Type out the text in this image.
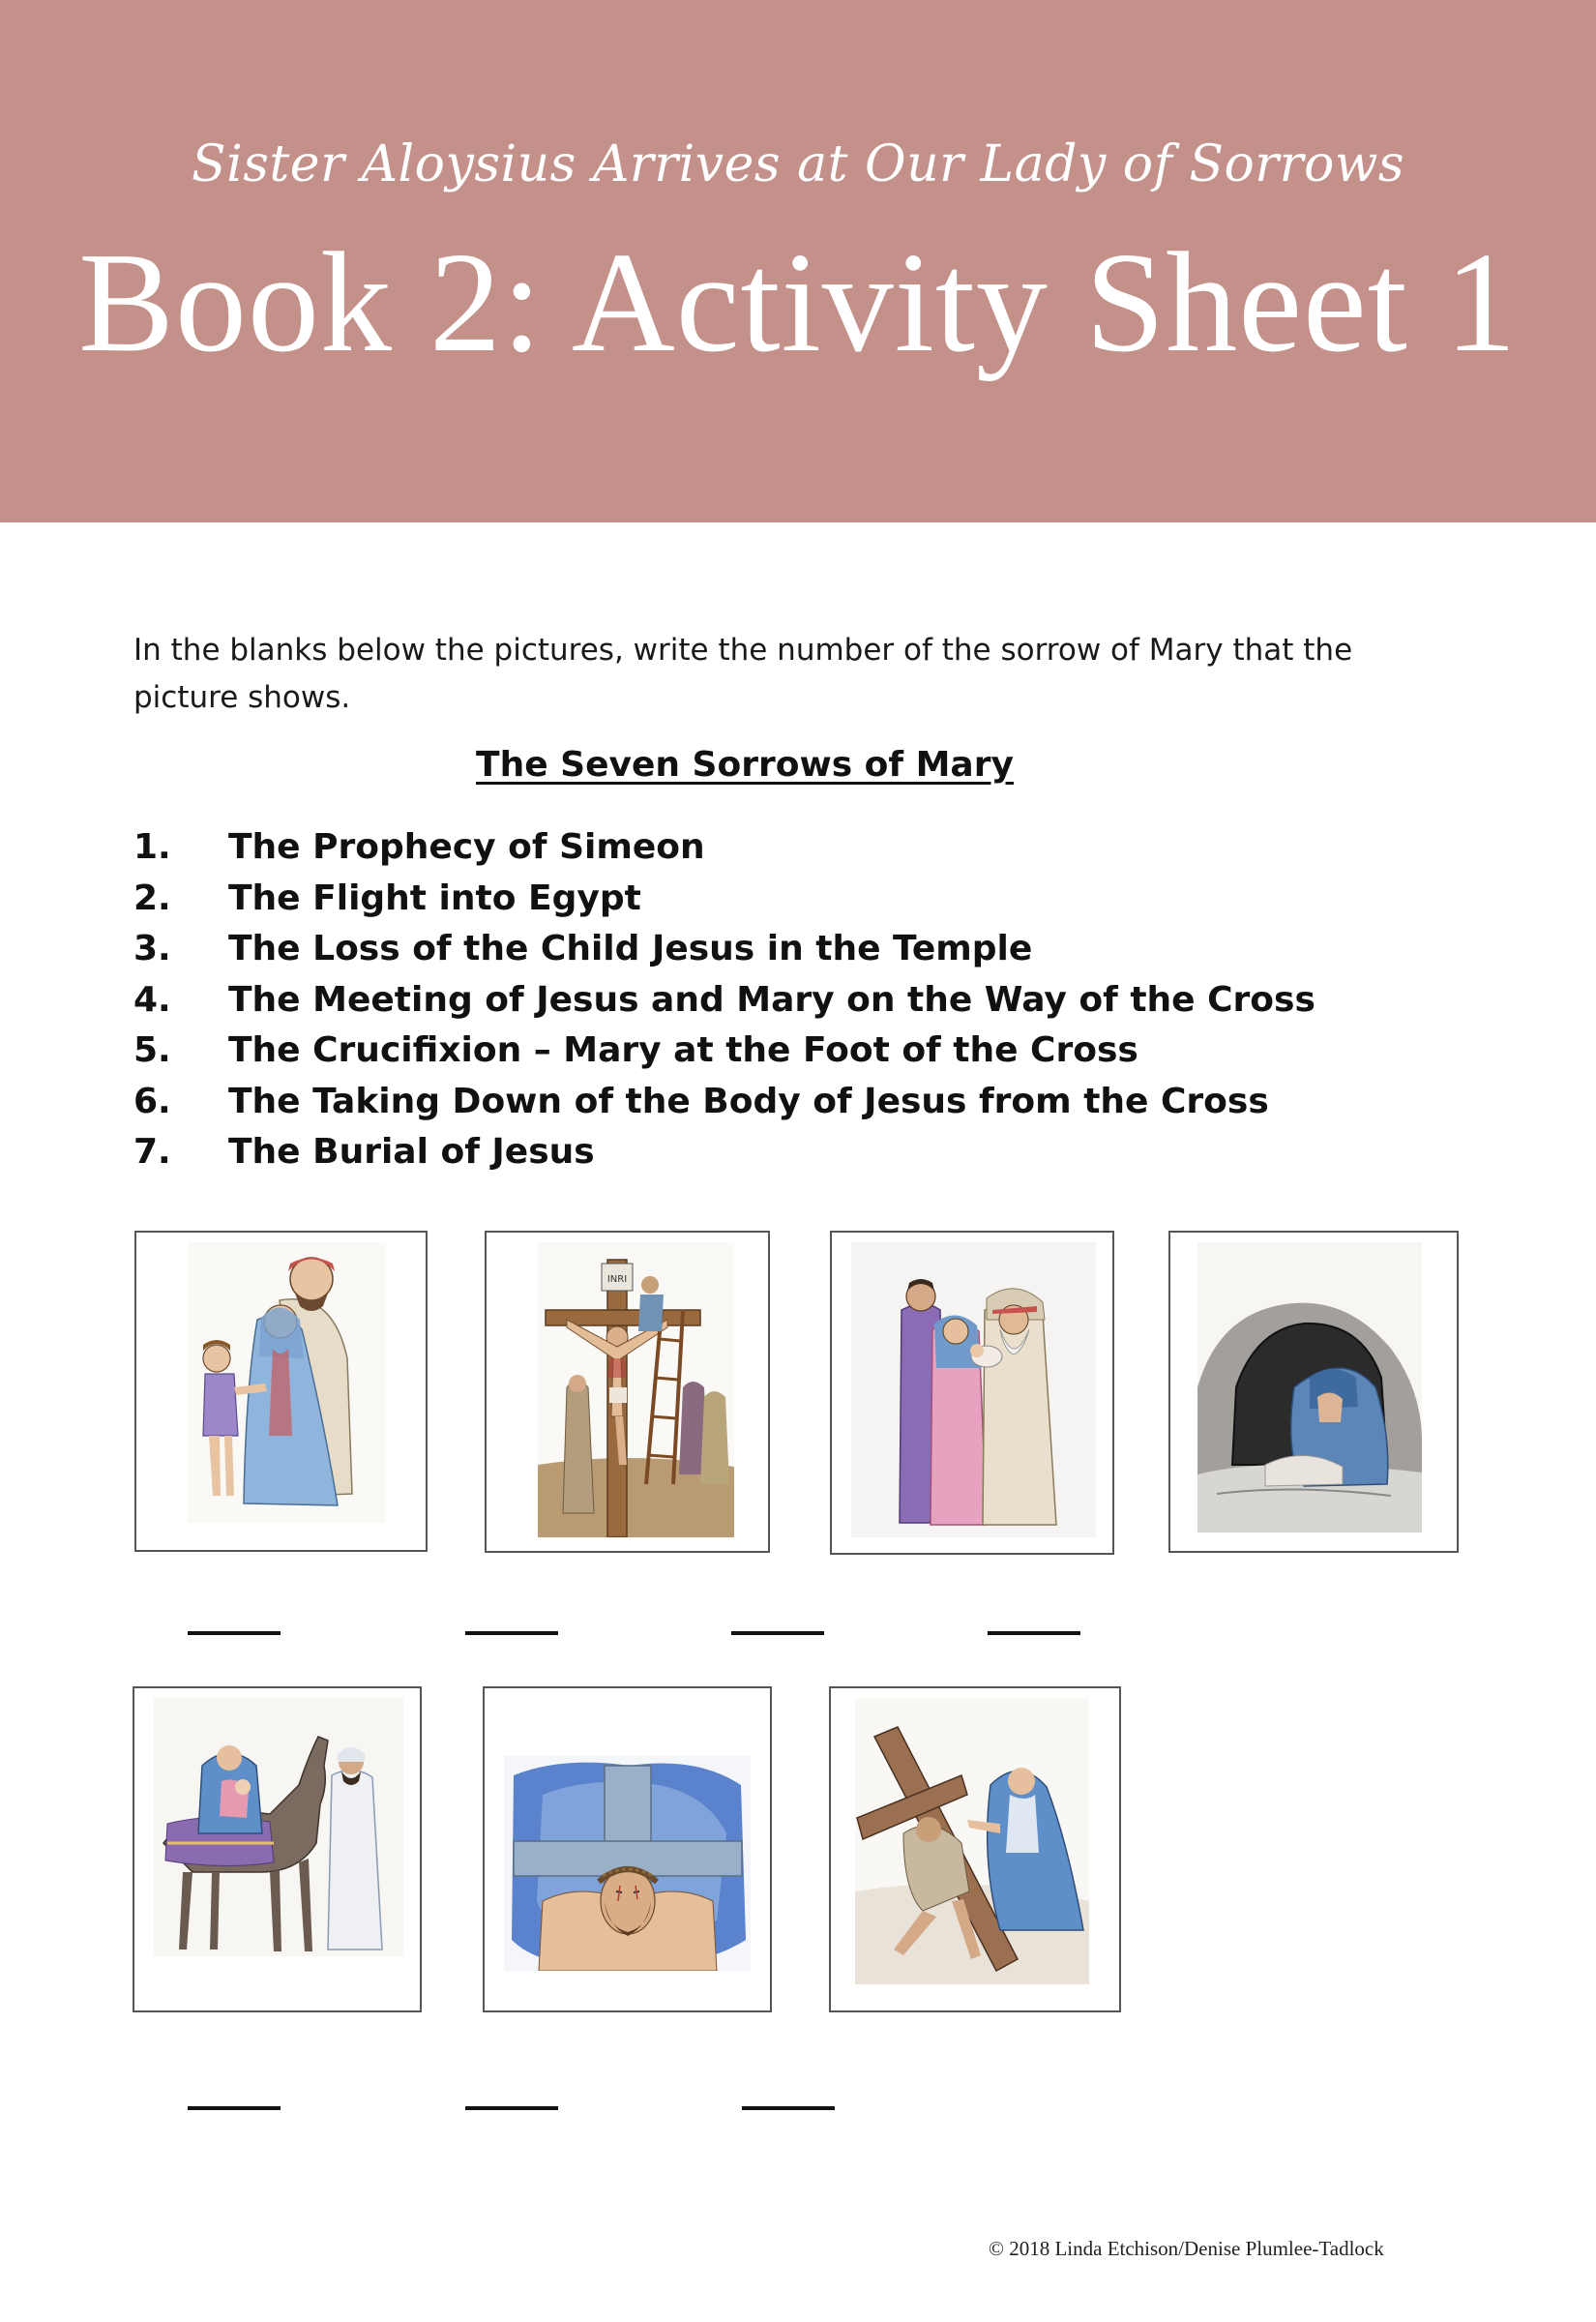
Sister Aloysius Arrives at Our Lady of Sorrows
Book 2: Activity Sheet 1
In the blanks below the pictures, write the number of the sorrow of Mary that the picture shows.
The Seven Sorrows of Mary
1. The Prophecy of Simeon
2. The Flight into Egypt
3. The Loss of the Child Jesus in the Temple
4. The Meeting of Jesus and Mary on the Way of the Cross
5. The Crucifixion – Mary at the Foot of the Cross
6. The Taking Down of the Body of Jesus from the Cross
7. The Burial of Jesus
INRI
© 2018 Linda Etchison/Denise Plumlee-Tadlock
